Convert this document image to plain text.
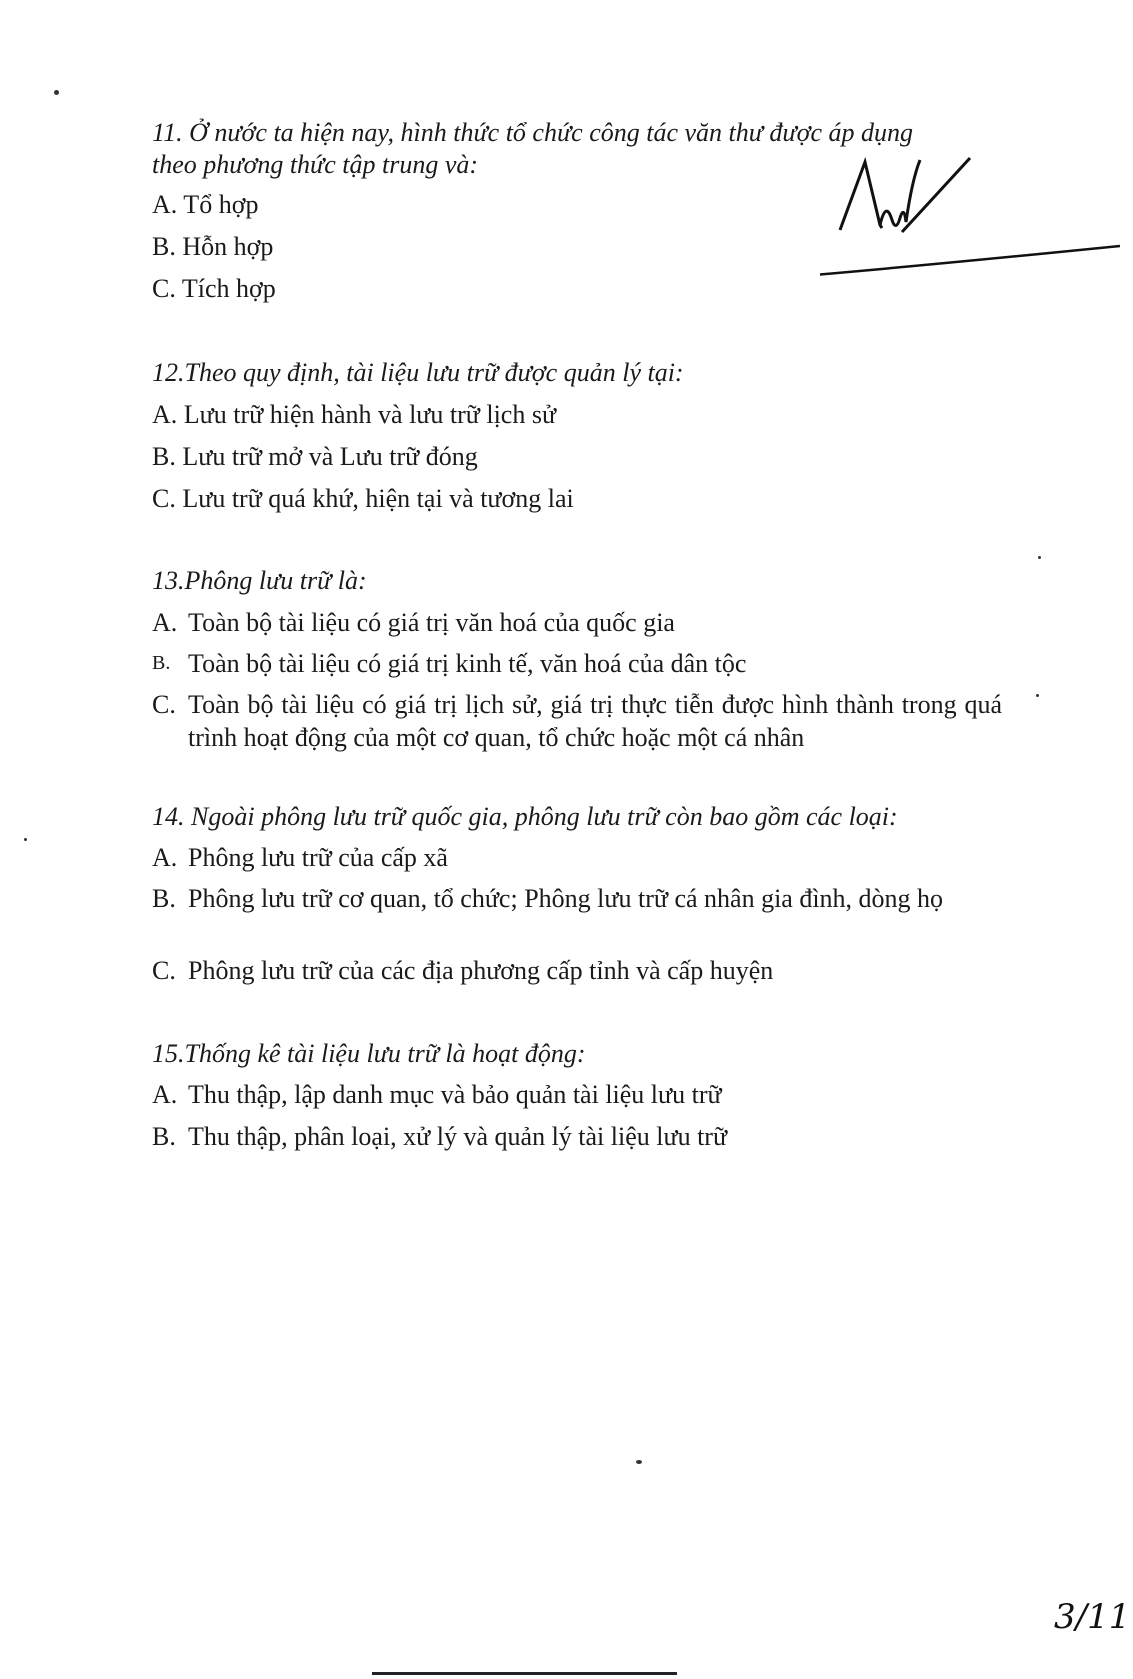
11. Ở nước ta hiện nay, hình thức tổ chức công tác văn thư được áp dụng
theo phương thức tập trung và:
A. Tổ hợp
B. Hỗn hợp
C. Tích hợp
12.Theo quy định, tài liệu lưu trữ được quản lý tại:
A. Lưu trữ hiện hành và lưu trữ lịch sử
B. Lưu trữ mở và Lưu trữ đóng
C. Lưu trữ quá khứ, hiện tại và tương lai
13.Phông lưu trữ là:
A. Toàn bộ tài liệu có giá trị văn hoá của quốc gia
B. Toàn bộ tài liệu có giá trị kinh tế, văn hoá của dân tộc
C. Toàn bộ tài liệu có giá trị lịch sử, giá trị thực tiễn được hình thành trong quá trình hoạt động của một cơ quan, tổ chức hoặc một cá nhân
14. Ngoài phông lưu trữ quốc gia, phông lưu trữ còn bao gồm các loại:
A. Phông lưu trữ của cấp xã
B. Phông lưu trữ cơ quan, tổ chức; Phông lưu trữ cá nhân gia đình, dòng họ
C. Phông lưu trữ của các địa phương cấp tỉnh và cấp huyện
15.Thống kê tài liệu lưu trữ là hoạt động:
A. Thu thập, lập danh mục và bảo quản tài liệu lưu trữ
B. Thu thập, phân loại, xử lý và quản lý tài liệu lưu trữ
3/11
